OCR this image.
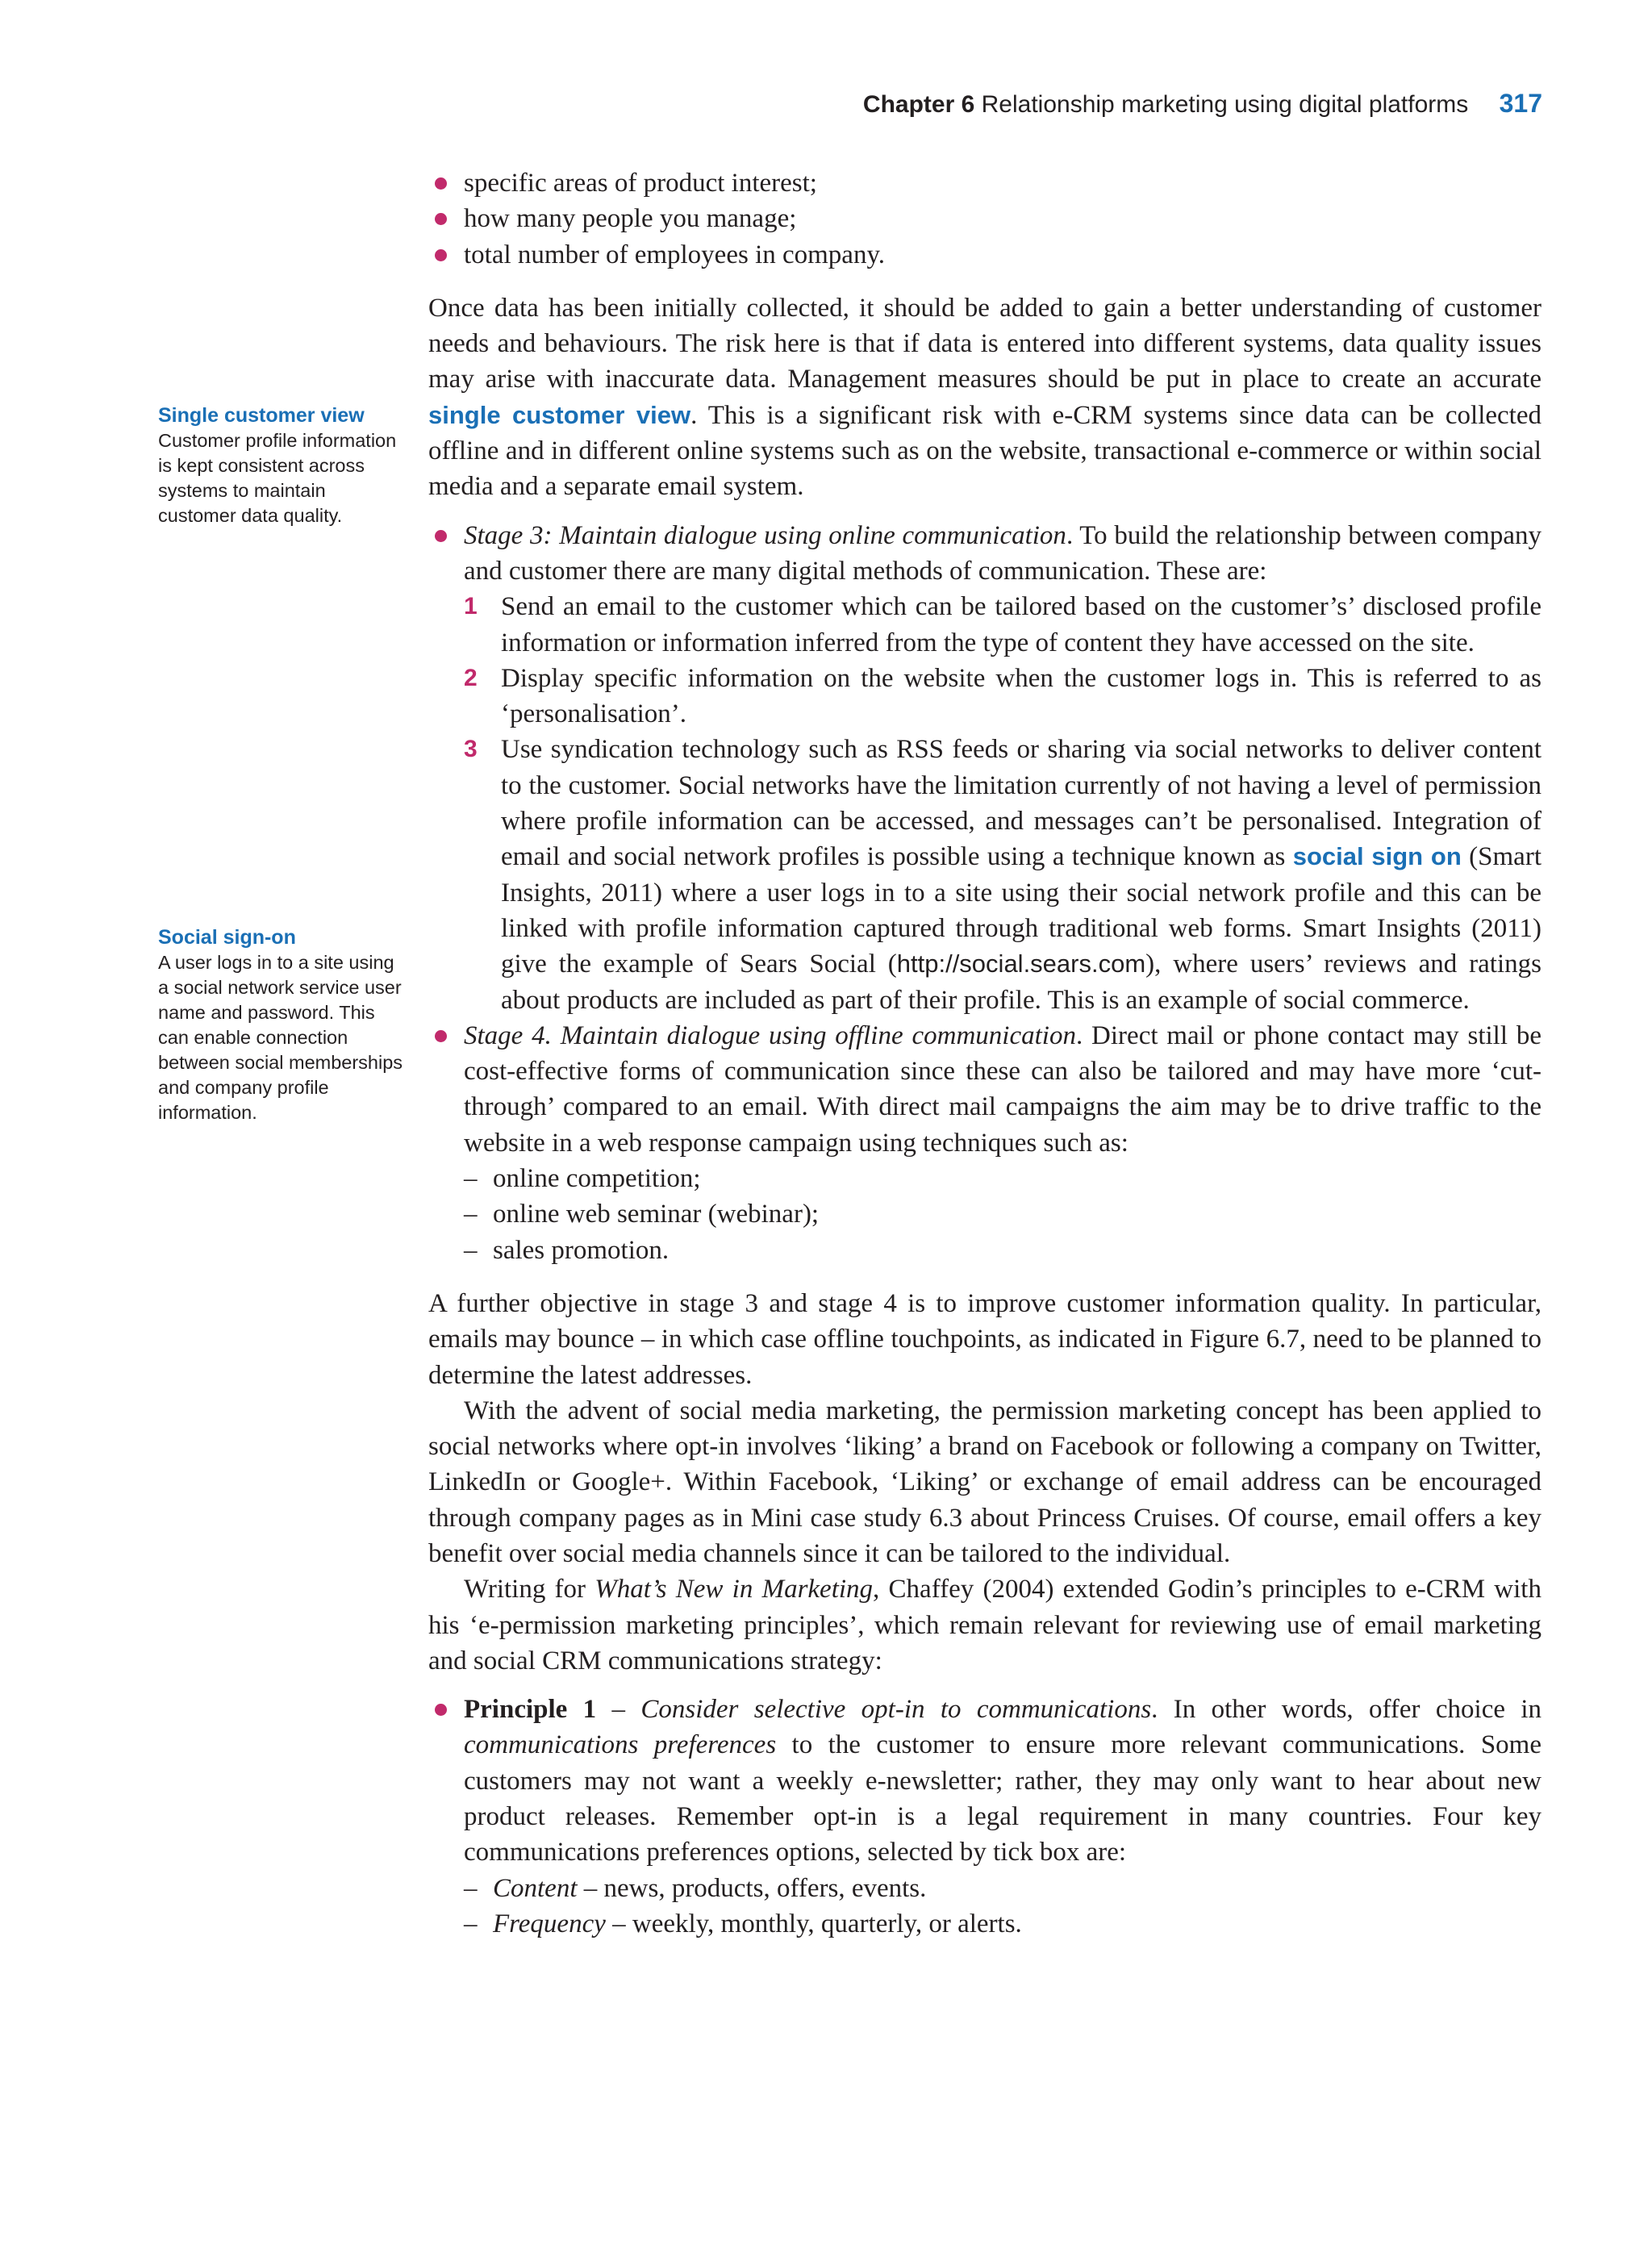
Chapter 6 Relationship marketing using digital platforms 317
Single customer view
Customer profile information is kept consistent across systems to maintain customer data quality.
Social sign-on
A user logs in to a site using a social network service user name and password. This can enable connection between social memberships and company profile information.
specific areas of product interest;
how many people you manage;
total number of employees in company.

Once data has been initially collected, it should be added to gain a better understanding of customer needs and behaviours. The risk here is that if data is entered into different systems, data quality issues may arise with inaccurate data. Management measures should be put in place to create an accurate single customer view. This is a significant risk with e-CRM systems since data can be collected offline and in different online systems such as on the website, transactional e-commerce or within social media and a separate email system.

Stage 3: Maintain dialogue using online communication. To build the relationship between company and customer there are many digital methods of communication. These are:
1 Send an email to the customer which can be tailored based on the customer’s’ disclosed profile information or information inferred from the type of content they have accessed on the site.
2 Display specific information on the website when the customer logs in. This is referred to as ‘personalisation’.
3 Use syndication technology such as RSS feeds or sharing via social networks to deliver content to the customer. Social networks have the limitation currently of not having a level of permission where profile information can be accessed, and messages can’t be personalised. Integration of email and social network profiles is possible using a technique known as social sign on (Smart Insights, 2011) where a user logs in to a site using their social network profile and this can be linked with profile information captured through traditional web forms. Smart Insights (2011) give the example of Sears Social (http://social.sears.com), where users’ reviews and ratings about products are included as part of their profile. This is an example of social commerce.
Stage 4. Maintain dialogue using offline communication. Direct mail or phone contact may still be cost-effective forms of communication since these can also be tailored and may have more ‘cut-through’ compared to an email. With direct mail campaigns the aim may be to drive traffic to the website in a web response campaign using techniques such as:
– online competition;
– online web seminar (webinar);
– sales promotion.

A further objective in stage 3 and stage 4 is to improve customer information quality. In particular, emails may bounce – in which case offline touchpoints, as indicated in Figure 6.7, need to be planned to determine the latest addresses.

With the advent of social media marketing, the permission marketing concept has been applied to social networks where opt-in involves ‘liking’ a brand on Facebook or following a company on Twitter, LinkedIn or Google+. Within Facebook, ‘Liking’ or exchange of email address can be encouraged through company pages as in Mini case study 6.3 about Princess Cruises. Of course, email offers a key benefit over social media channels since it can be tailored to the individual.

Writing for What’s New in Marketing, Chaffey (2004) extended Godin’s principles to e-CRM with his ‘e-permission marketing principles’, which remain relevant for reviewing use of email marketing and social CRM communications strategy:

Principle 1 – Consider selective opt-in to communications. In other words, offer choice in communications preferences to the customer to ensure more relevant communications. Some customers may not want a weekly e-newsletter; rather, they may only want to hear about new product releases. Remember opt-in is a legal requirement in many countries. Four key communications preferences options, selected by tick box are:
– Content – news, products, offers, events.
– Frequency – weekly, monthly, quarterly, or alerts.
